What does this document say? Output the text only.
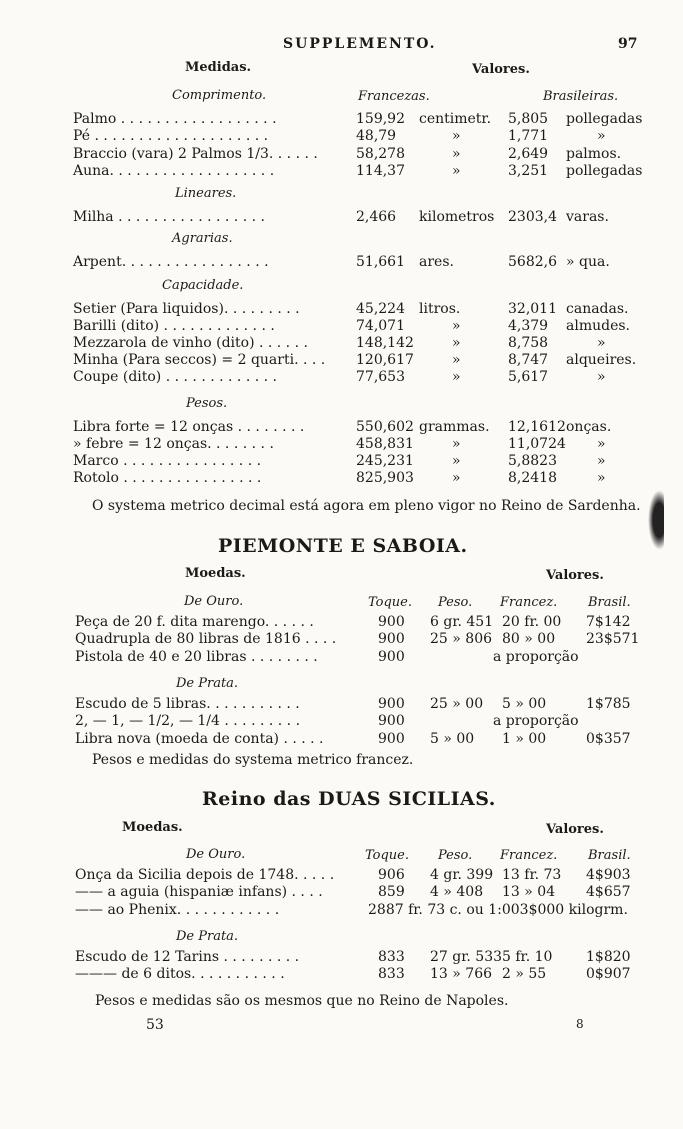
SUPPLEMENTO.	97
Medidas.	Valores.
Francezas.	Brasileiras.
Comprimento.
Palmo . . . . . . . . . . . . . . . . . .	159,92 centimetr. 5,805 pollegadas
Pé . . . . . . . . . . . . . . . . . . . .	48,79	»	1,771	»
Braccio (vara) 2 Palmos 1/3. . . . . .	58,278	»	2,649 palmos.
Auna. . . . . . . . . . . . . . . . . . .	114,37	»	3,251 pollegadas
Lineares.
Milha . . . . . . . . . . . . . . . . .	2,466 kilometros 2303,4 varas.
Agrarias.
Arpent. . . . . . . . . . . . . . . . .	51,661 ares.	5682,6 » qua.
Capacidade.
Setier (Para liquidos). . . . . . . . .	45,224 litros.	32,011 canadas.
Barilli (dito) . . . . . . . . . . . . .	74,071	»	4,379 almudes.
Mezzarola de vinho (dito) . . . . . .	148,142	»	8,758	»
Minha (Para seccos) = 2 quarti. . . . 120,617	»	8,747 alqueires.
Coupe (dito) . . . . . . . . . . . . .	77,653	»	5,617	»
Pesos.
Libra forte = 12 onças . . . . . . . .	550,602 grammas. 12,1612 onças.
» febre = 12 onças. . . . . . . .	458,831	»	11,0724 »
Marco . . . . . . . . . . . . . . . .	245,231	»	5,8823	»
Rotolo . . . . . . . . . . . . . . . .	825,903	»	8,2418	»
O systema metrico decimal está agora em pleno vigor no Reino de Sardenha.
PIEMONTE E SABOIA.
Moedas.	Valores.
Toque. Peso. Francez. Brasil.
De Ouro.
Peça de 20 f. dita marengo. . . . . .	900 6 gr. 451 20 fr. 00 7$142
Quadrupla de 80 libras de 1816 . . . .	900 25 » 806 80 » 00 23$571
Pistola de 40 e 20 libras . . . . . . . .	900	a proporção
De Prata.
Escudo de 5 libras. . . . . . . . . . .	900 25 » 00 5 » 00	1$785
2, — 1, — 1/2, — 1/4 . . . . . . . . .	900	a proporção
Libra nova (moeda de conta) . . . . .	900 5 » 00 1 » 00	0$357
Pesos e medidas do systema metrico francez.
Reino das DUAS SICILIAS.
Moedas.	Valores.
Toque. Peso. Francez. Brasil.
De Ouro.
Onça da Sicilia depois de 1748. . . . .	906 4 gr. 399 13 fr. 73 4$903
—— a aguia (hispaniæ infans) . . . .	859 4 » 408 13 » 04 4$657
—— ao Phenix. . . . . . . . . . . .	2887 fr. 73 c. ou 1:003$000 kilogrm.
De Prata.
Escudo de 12 Tarins . . . . . . . . .	833 27 gr. 533 5 fr. 10 1$820
——— de 6 ditos. . . . . . . . . . .	833 13 » 766 2 » 55	0$907
Pesos e medidas são os mesmos que no Reino de Napoles.
53	8
